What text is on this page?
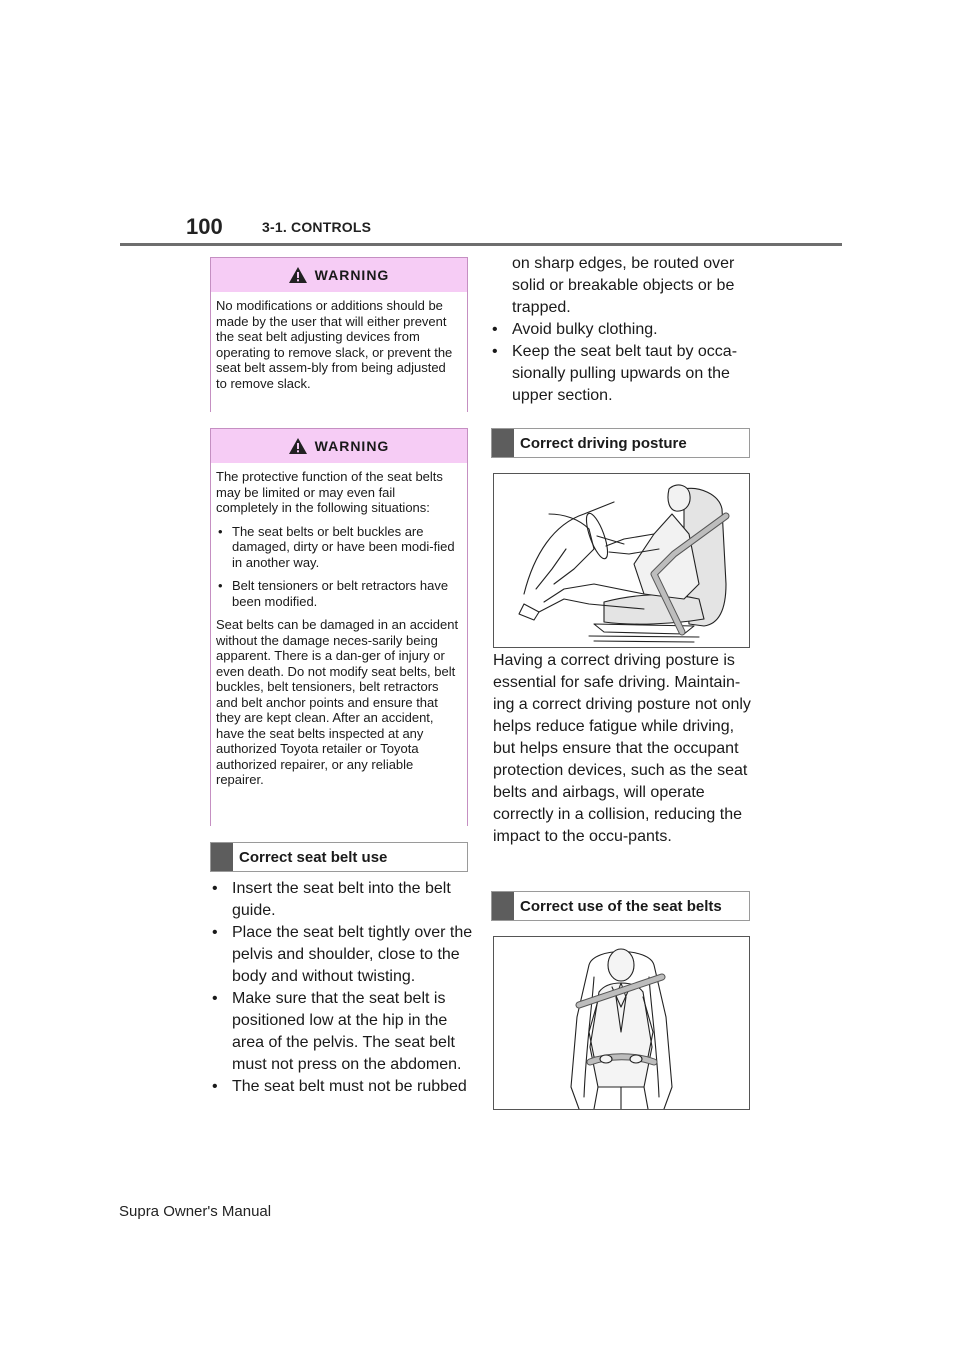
100	3-1. CONTROLS
WARNING

No modifications or additions should be made by the user that will either prevent the seat belt adjusting devices from operating to remove slack, or prevent the seat belt assem-bly from being adjusted to remove slack.

WARNING

The protective function of the seat belts may be limited or may even fail completely in the following situations:

• The seat belts or belt buckles are damaged, dirty or have been modi-fied in another way.
• Belt tensioners or belt retractors have been modified.

Seat belts can be damaged in an accident without the damage neces-sarily being apparent. There is a dan-ger of injury or even death. Do not modify seat belts, belt buckles, belt tensioners, belt retractors and belt anchor points and ensure that they are kept clean. After an accident, have the seat belts inspected at any authorized Toyota retailer or Toyota authorized repairer, or any reliable repairer.

Correct seat belt use
• Insert the seat belt into the belt guide.
• Place the seat belt tightly over the pelvis and shoulder, close to the body and without twisting.
• Make sure that the seat belt is positioned low at the hip in the area of the pelvis. The seat belt must not press on the abdomen.
• The seat belt must not be rubbed
on sharp edges, be routed over solid or breakable objects or be trapped.
• Avoid bulky clothing.
• Keep the seat belt taut by occa-sionally pulling upwards on the upper section.
Correct driving posture
Having a correct driving posture is essential for safe driving. Maintain-ing a correct driving posture not only helps reduce fatigue while driving, but helps ensure that the occupant protection devices, such as the seat belts and airbags, will operate correctly in a collision, reducing the impact to the occu-pants.
Correct use of the seat belts
Supra Owner's Manual
